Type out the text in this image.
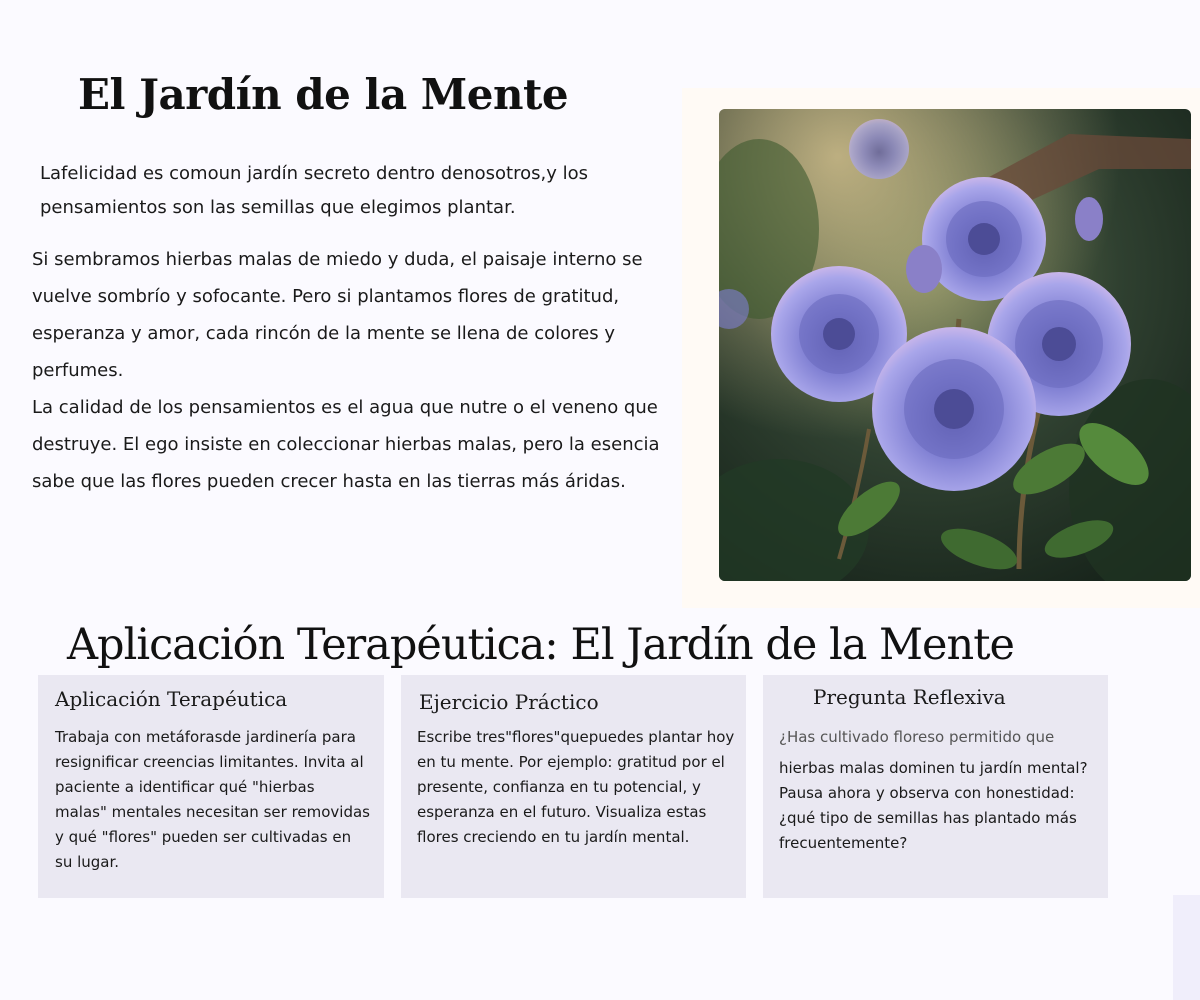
El Jardín de la Mente

Lafelicidad es comoun jardín secreto dentro denosotros,y los pensamientos son las semillas que elegimos plantar.

Si sembramos hierbas malas de miedo y duda, el paisaje interno se vuelve sombrío y sofocante. Pero si plantamos flores de gratitud, esperanza y amor, cada rincón de la mente se llena de colores y perfumes.

La calidad de los pensamientos es el agua que nutre o el veneno que destruye. El ego insiste en coleccionar hierbas malas, pero la esencia sabe que las flores pueden crecer hasta en las tierras más áridas.

Aplicación Terapéutica: El Jardín de la Mente
Aplicación Terapéutica

Trabaja con metáforasde jardinería para resignificar creencias limitantes. Invita al paciente a identificar qué "hierbas malas" mentales necesitan ser removidas y qué "flores" pueden ser cultivadas en su lugar.

Ejercicio Práctico

Escribe tres"flores"quepuedes plantar hoy en tu mente. Por ejemplo: gratitud por el presente, confianza en tu potencial, y esperanza en el futuro. Visualiza estas flores creciendo en tu jardín mental.

Pregunta Reflexiva

¿Has cultivado floreso permitido que

hierbas malas dominen tu jardín mental? Pausa ahora y observa con honestidad: ¿qué tipo de semillas has plantado más frecuentemente?
